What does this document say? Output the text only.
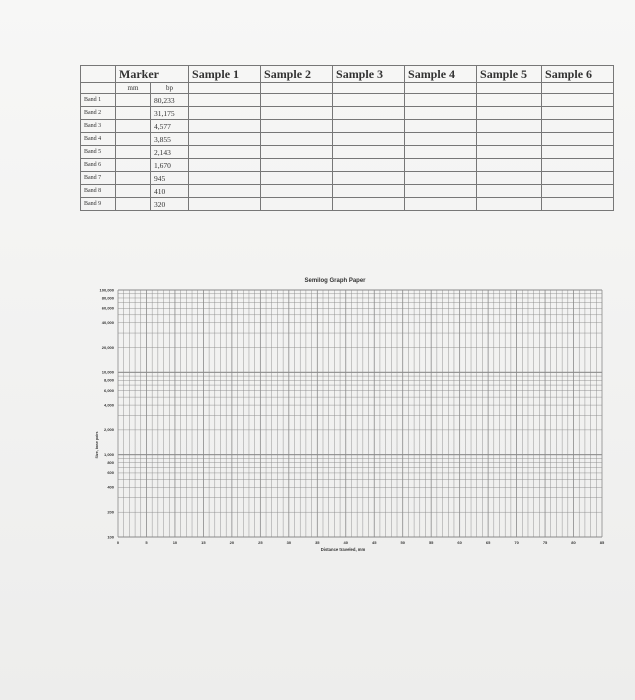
	Marker		Sample 1	Sample 2	Sample 3	Sample 4	Sample 5	Sample 6
	mm	bp						
Band 1		80,233						
Band 2		31,175						
Band 3		4,577						
Band 4		3,855						
Band 5		2,143						
Band 6		1,670						
Band 7		945						
Band 8		410						
Band 9		320						
Semilog Graph Paper
100,000
80,000
60,000
40,000
20,000
10,000
8,000
6,000
4,000
2,000
1,000
800
600
400
200
100
0	5	10	15	20	25	30	35	40	45	50	55	60	65	70	75	80	85
Size, base pairs
Distance traveled, mm
